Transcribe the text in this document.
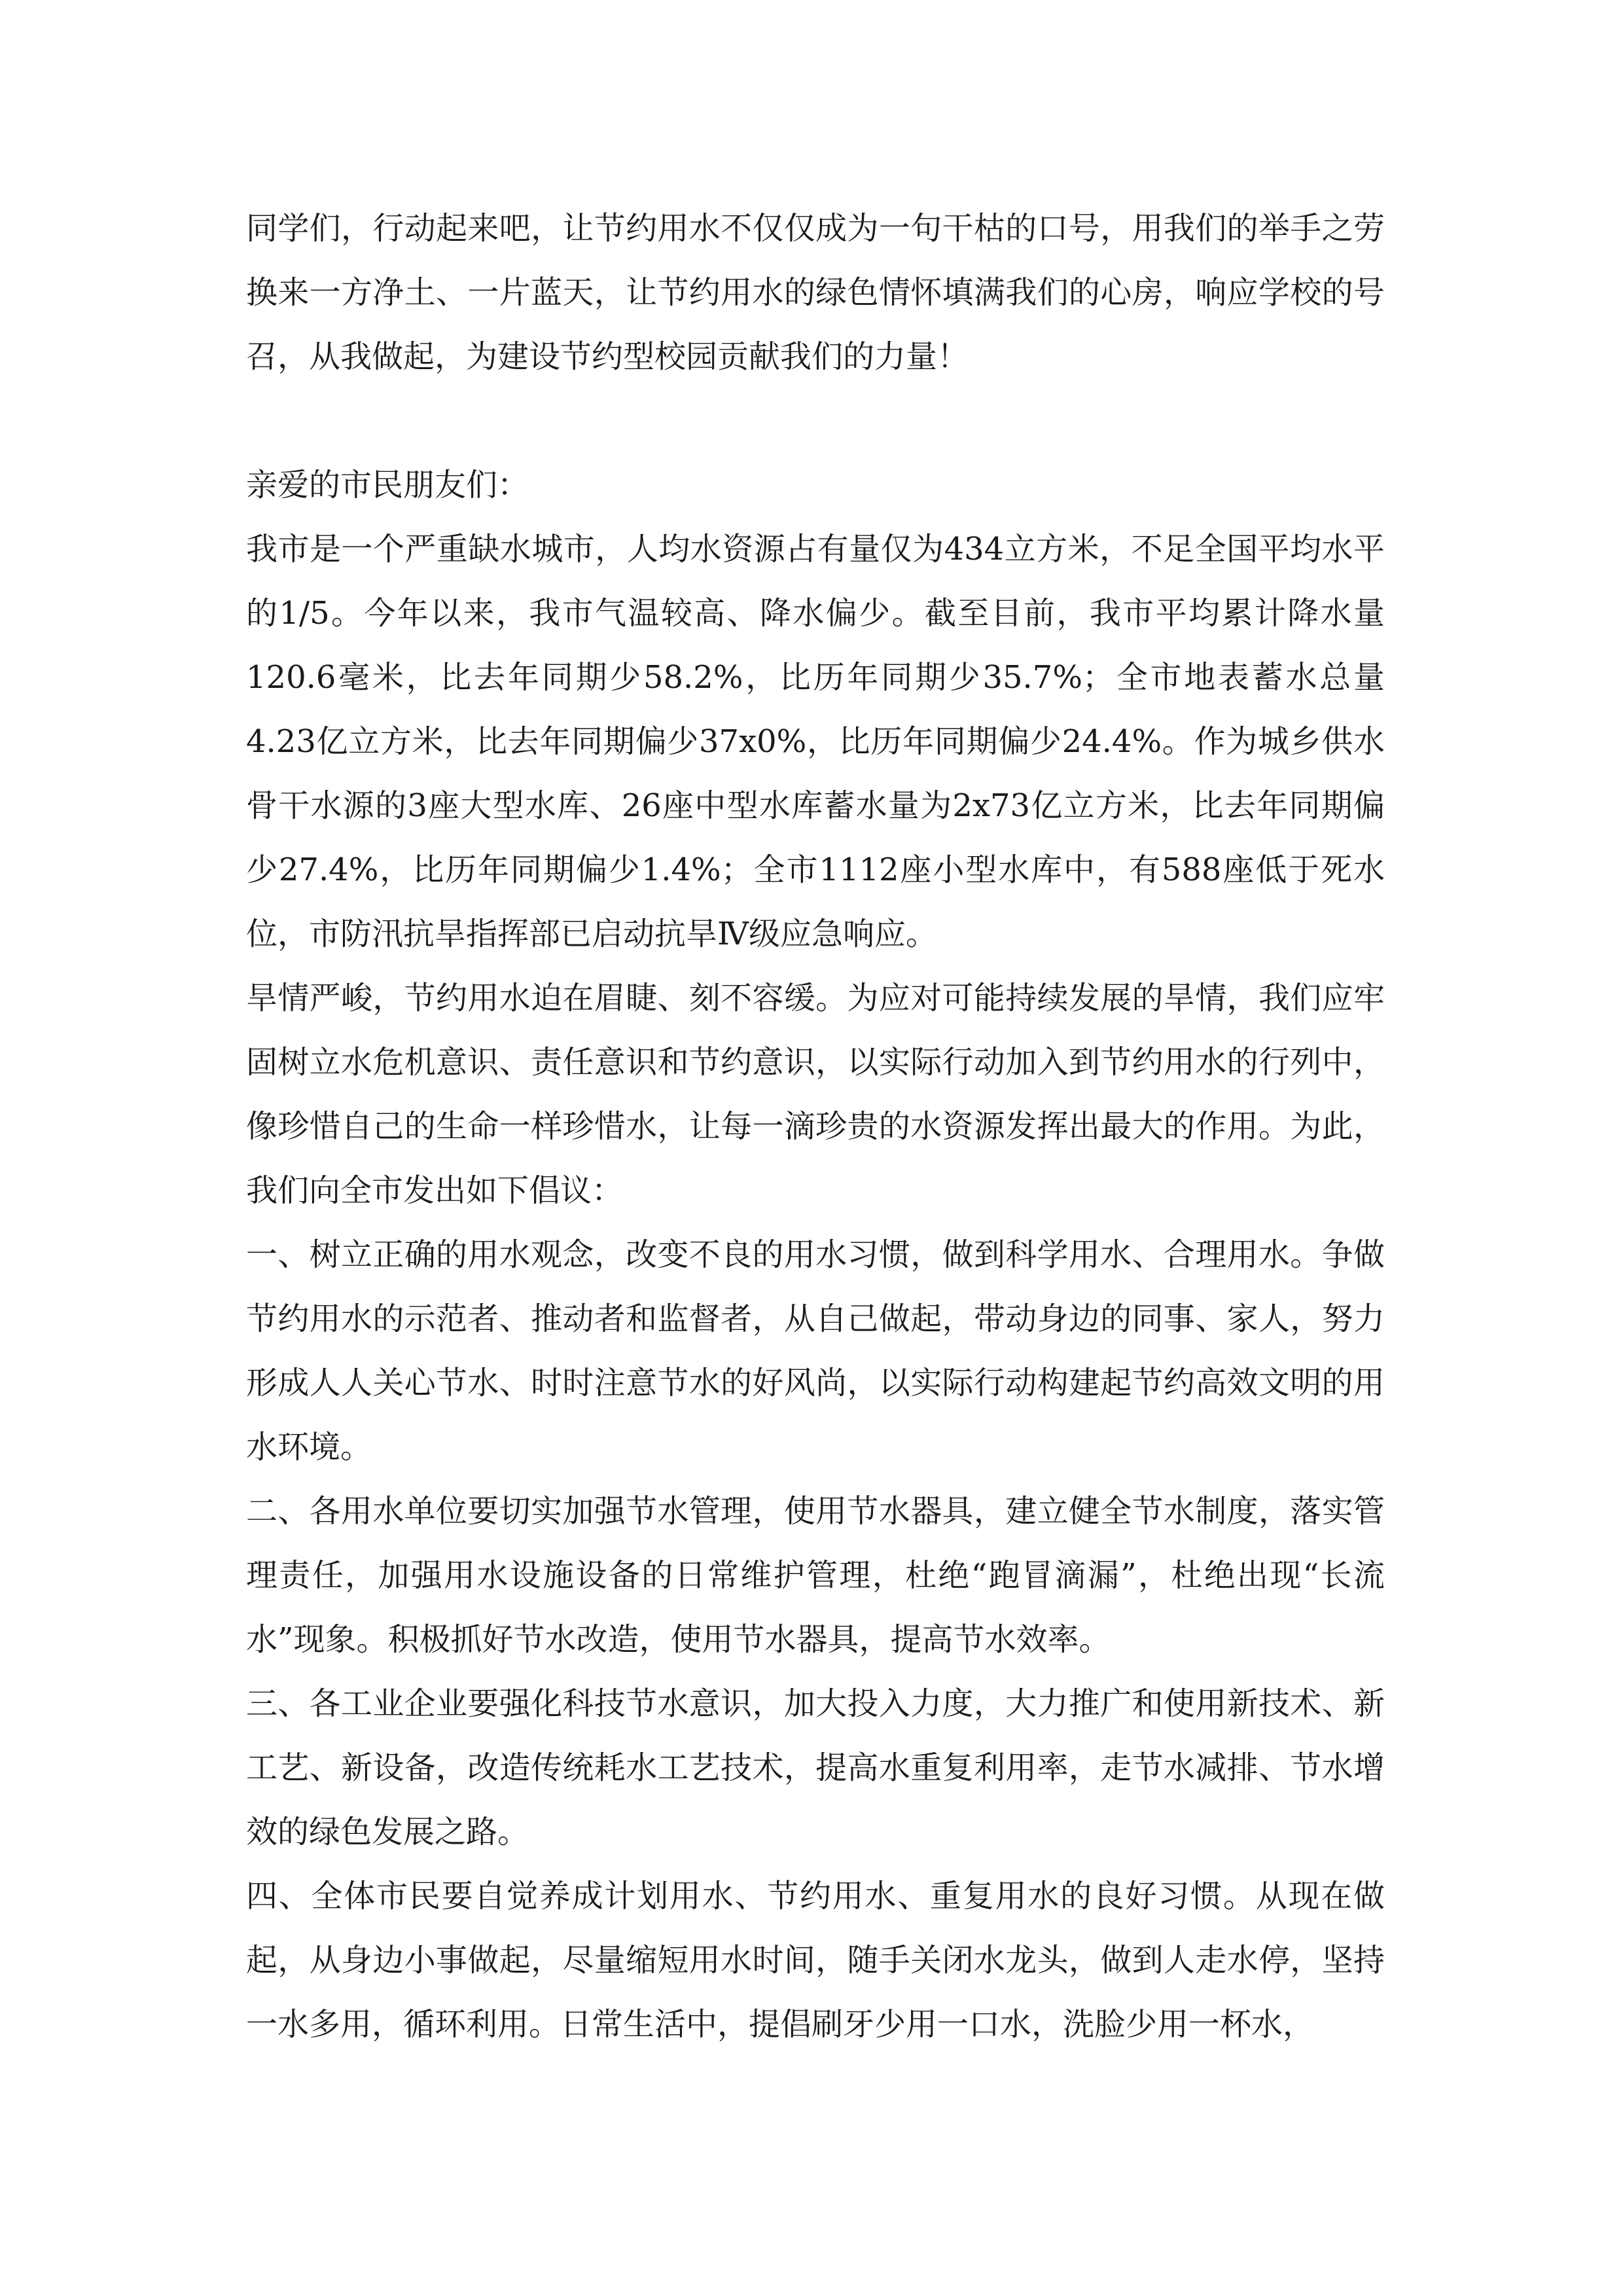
同学们，行动起来吧，让节约用水不仅仅成为一句干枯的口号，用我们的举手之劳换来一方净土、一片蓝天，让节约用水的绿色情怀填满我们的心房，响应学校的号召，从我做起，为建设节约型校园贡献我们的力量！

亲爱的市民朋友们：

我市是一个严重缺水城市，人均水资源占有量仅为434立方米，不足全国平均水平的1/5。今年以来，我市气温较高、降水偏少。截至目前，我市平均累计降水量120.6毫米，比去年同期少58.2%，比历年同期少35.7%；全市地表蓄水总量4.23亿立方米，比去年同期偏少37x0%，比历年同期偏少24.4%。作为城乡供水骨干水源的3座大型水库、26座中型水库蓄水量为2x73亿立方米，比去年同期偏少27.4%，比历年同期偏少1.4%；全市1112座小型水库中，有588座低于死水位，市防汛抗旱指挥部已启动抗旱Ⅳ级应急响应。

旱情严峻，节约用水迫在眉睫、刻不容缓。为应对可能持续发展的旱情，我们应牢固树立水危机意识、责任意识和节约意识，以实际行动加入到节约用水的行列中，像珍惜自己的生命一样珍惜水，让每一滴珍贵的水资源发挥出最大的作用。为此，我们向全市发出如下倡议：

一、树立正确的用水观念，改变不良的用水习惯，做到科学用水、合理用水。争做节约用水的示范者、推动者和监督者，从自己做起，带动身边的同事、家人，努力形成人人关心节水、时时注意节水的好风尚，以实际行动构建起节约高效文明的用水环境。

二、各用水单位要切实加强节水管理，使用节水器具，建立健全节水制度，落实管理责任，加强用水设施设备的日常维护管理，杜绝“跑冒滴漏”，杜绝出现“长流水”现象。积极抓好节水改造，使用节水器具，提高节水效率。

三、各工业企业要强化科技节水意识，加大投入力度，大力推广和使用新技术、新工艺、新设备，改造传统耗水工艺技术，提高水重复利用率，走节水减排、节水增效的绿色发展之路。

四、全体市民要自觉养成计划用水、节约用水、重复用水的良好习惯。从现在做起，从身边小事做起，尽量缩短用水时间，随手关闭水龙头，做到人走水停，坚持一水多用，循环利用。日常生活中，提倡刷牙少用一口水，洗脸少用一杯水，
